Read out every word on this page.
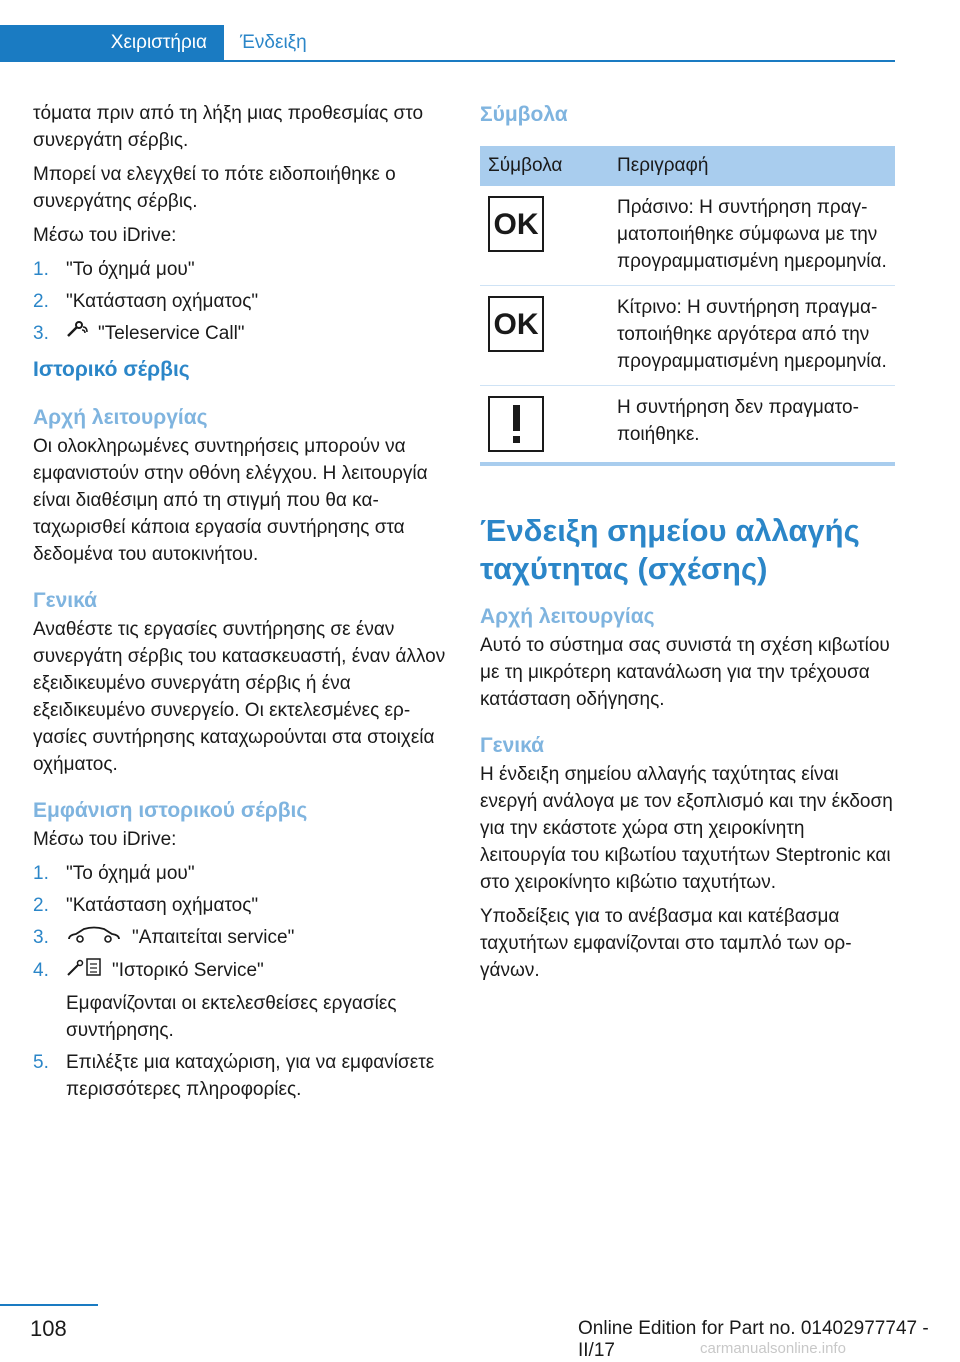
Χειριστήρια Ένδειξη

τόματα πριν από τη λήξη μιας προθεσμίας στο συνεργάτη σέρβις.

Μπορεί να ελεγχθεί το πότε ειδοποιήθηκε ο συνεργάτης σέρβις.

Μέσω του iDrive:

1. "Το όχημά μου"
2. "Κατάσταση οχήματος"
3.	"Teleservice Call"
Ιστορικό σέρβις
Αρχή λειτουργίας

Οι ολοκληρωμένες συντηρήσεις μπορούν να εμφανιστούν στην οθόνη ελέγχου. Η λειτουργία είναι διαθέσιμη από τη στιγμή που θα καταχωρισθεί κάποια εργασία συντήρησης στα δεδομένα του αυτοκινήτου.

Γενικά

Αναθέστε τις εργασίες συντήρησης σε έναν συνεργάτη σέρβις του κατασκευαστή, έναν άλλον εξειδικευμένο συνεργάτη σέρβις ή ένα εξειδικευμένο συνεργείο. Οι εκτελεσμένες εργασίες συντήρησης καταχωρούνται στα στοιχεία οχήματος.

Εμφάνιση ιστορικού σέρβις

Μέσω του iDrive:

1. "Το όχημά μου"
2. "Κατάσταση οχήματος"
3.	"Απαιτείται service"
4.	"Ιστορικό Service"
Εμφανίζονται οι εκτελεσθείσες εργασίες συντήρησης.
5. Επιλέξτε μια καταχώριση, για να εμφανίσετε περισσότερες πληροφορίες.
Σύμβολα
Σύμβολα	Περιγραφή

OK	Πράσινο: Η συντήρηση πραγματοποιήθηκε σύμφωνα με την προγραμματισμένη ημερομηνία.

OK	Κίτρινο: Η συντήρηση πραγματοποιήθηκε αργότερα από την προγραμματισμένη ημερομηνία.

	Η συντήρηση δεν πραγματοποιήθηκε.
Ένδειξη σημείου αλλαγής ταχύτητας (σχέσης)
Αρχή λειτουργίας

Αυτό το σύστημα σας συνιστά τη σχέση κιβωτίου με τη μικρότερη κατανάλωση για την τρέχουσα κατάσταση οδήγησης.

Γενικά

Η ένδειξη σημείου αλλαγής ταχύτητας είναι ενεργή ανάλογα με τον εξοπλισμό και την έκδοση για την εκάστοτε χώρα στη χειροκίνητη λειτουργία του κιβωτίου ταχυτήτων Steptronic και στο χειροκίνητο κιβώτιο ταχυτήτων.

Υποδείξεις για το ανέβασμα και κατέβασμα ταχυτήτων εμφανίζονται στο ταμπλό των οργάνων.

108	Online Edition for Part no. 01402977747 - II/17	carmanualsonline.info
